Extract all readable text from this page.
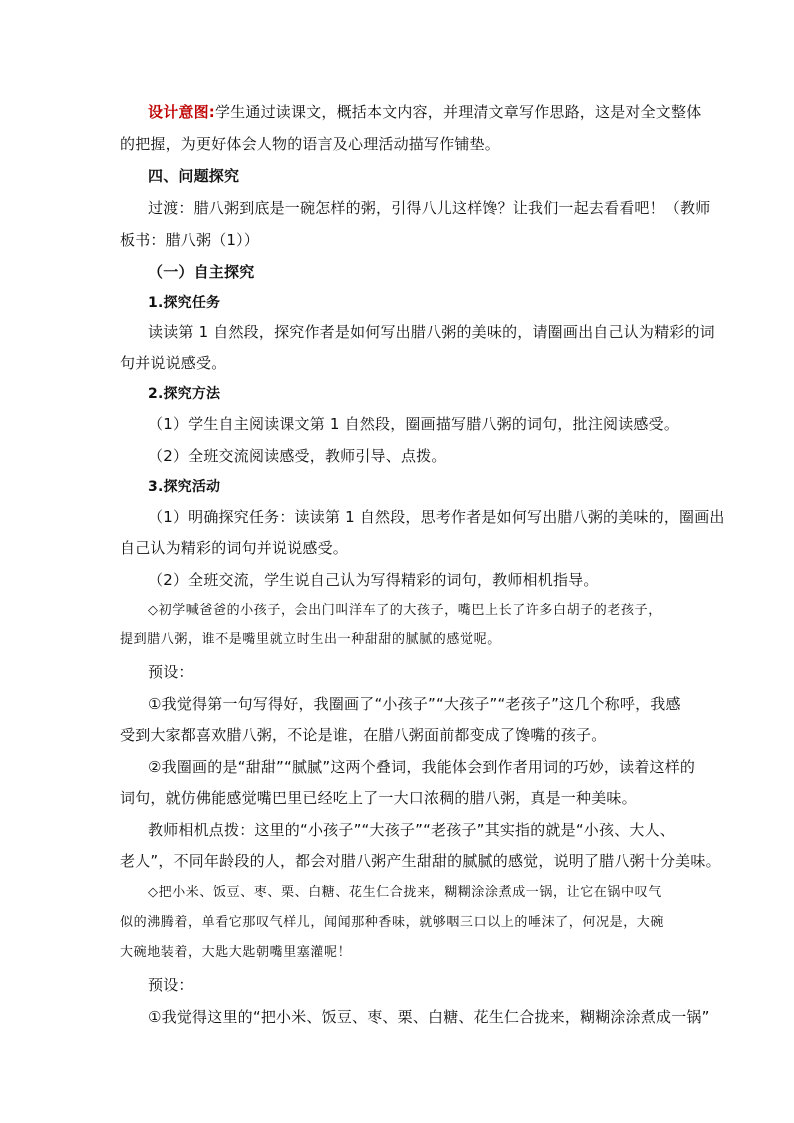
设计意图:学生通过读课文，概括本文内容，并理清文章写作思路，这是对全文整体
的把握，为更好体会人物的语言及心理活动描写作铺垫。
四、问题探究
过渡：腊八粥到底是一碗怎样的粥，引得八儿这样馋？让我们一起去看看吧！（教师
板书：腊八粥（1））
（一）自主探究
1.探究任务
读读第 1 自然段，探究作者是如何写出腊八粥的美味的，请圈画出自己认为精彩的词
句并说说感受。
2.探究方法
（1）学生自主阅读课文第 1 自然段，圈画描写腊八粥的词句，批注阅读感受。
（2）全班交流阅读感受，教师引导、点拨。
3.探究活动
（1）明确探究任务：读读第 1 自然段，思考作者是如何写出腊八粥的美味的，圈画出
自己认为精彩的词句并说说感受。
（2）全班交流，学生说自己认为写得精彩的词句，教师相机指导。
◇初学喊爸爸的小孩子，会出门叫洋车了的大孩子，嘴巴上长了许多白胡子的老孩子，
提到腊八粥，谁不是嘴里就立时生出一种甜甜的腻腻的感觉呢。
预设：
①我觉得第一句写得好，我圈画了“小孩子”“大孩子”“老孩子”这几个称呼，我感
受到大家都喜欢腊八粥，不论是谁，在腊八粥面前都变成了馋嘴的孩子。
②我圈画的是“甜甜”“腻腻”这两个叠词，我能体会到作者用词的巧妙，读着这样的
词句，就仿佛能感觉嘴巴里已经吃上了一大口浓稠的腊八粥，真是一种美味。
教师相机点拨：这里的“小孩子”“大孩子”“老孩子”其实指的就是“小孩、大人、
老人”，不同年龄段的人，都会对腊八粥产生甜甜的腻腻的感觉，说明了腊八粥十分美味。
◇把小米、饭豆、枣、栗、白糖、花生仁合拢来，糊糊涂涂煮成一锅，让它在锅中叹气
似的沸腾着，单看它那叹气样儿，闻闻那种香味，就够咽三口以上的唾沫了，何况是，大碗
大碗地装着，大匙大匙朝嘴里塞灌呢！
预设：
①我觉得这里的“把小米、饭豆、枣、栗、白糖、花生仁合拢来，糊糊涂涂煮成一锅”
